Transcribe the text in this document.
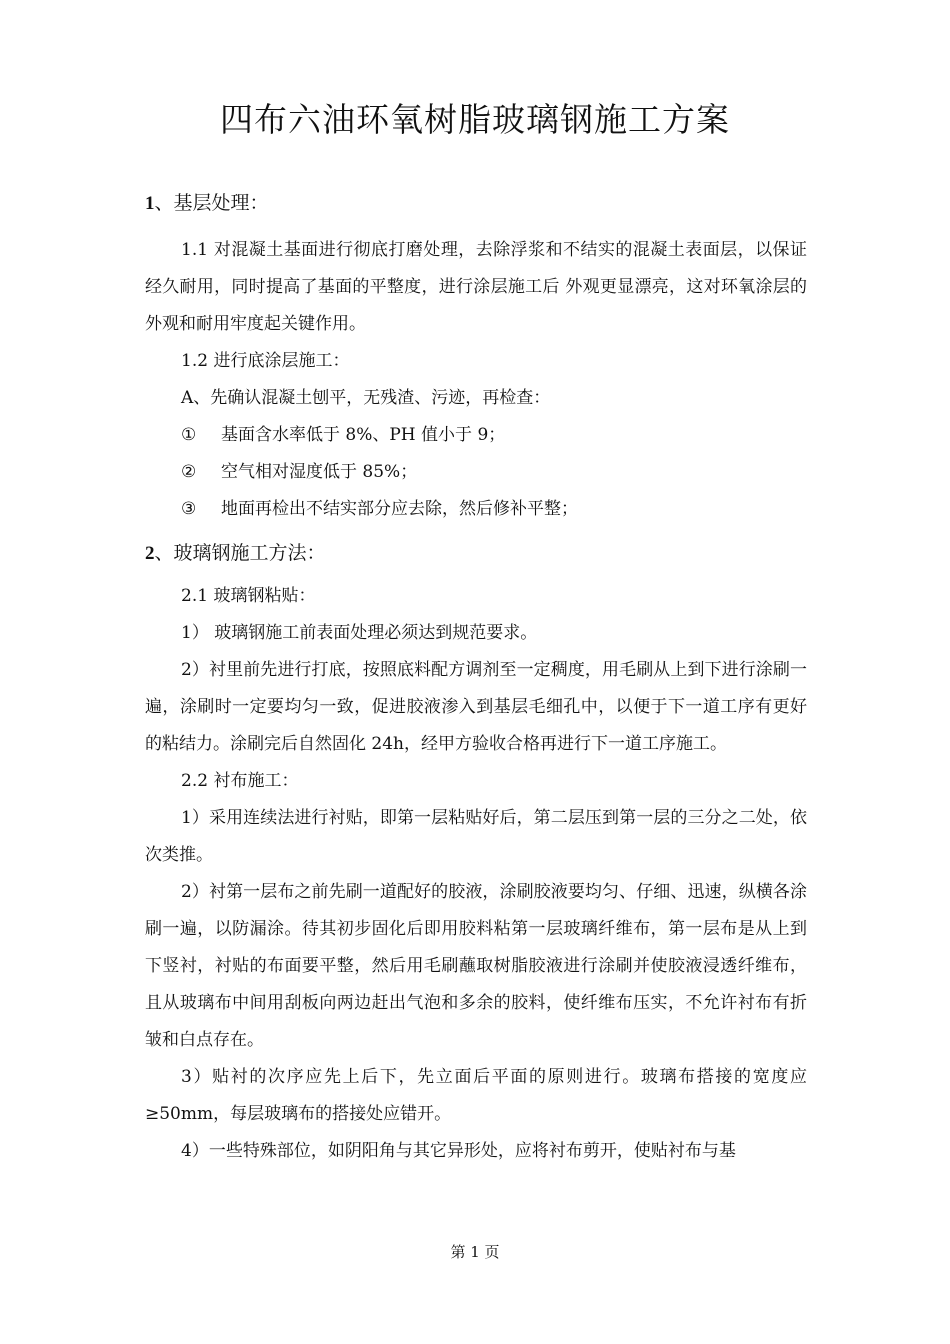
四布六油环氧树脂玻璃钢施工方案
1、基层处理：

1.1 对混凝土基面进行彻底打磨处理，去除浮浆和不结实的混凝土表面层，以保证经久耐用，同时提高了基面的平整度，进行涂层施工后 外观更显漂亮，这对环氧涂层的外观和耐用牢度起关键作用。

1.2 进行底涂层施工：

A、先确认混凝土刨平，无残渣、污迹，再检查：

① 基面含水率低于 8%、PH 值小于 9；

② 空气相对湿度低于 85%；

③ 地面再检出不结实部分应去除，然后修补平整；

2、玻璃钢施工方法：

2.1 玻璃钢粘贴：

1） 玻璃钢施工前表面处理必须达到规范要求。

2）衬里前先进行打底，按照底料配方调剂至一定稠度，用毛刷从上到下进行涂刷一遍，涂刷时一定要均匀一致，促进胶液渗入到基层毛细孔中，以便于下一道工序有更好的粘结力。涂刷完后自然固化 24h，经甲方验收合格再进行下一道工序施工。

2.2 衬布施工：

1）采用连续法进行衬贴，即第一层粘贴好后，第二层压到第一层的三分之二处，依次类推。

2）衬第一层布之前先刷一道配好的胶液，涂刷胶液要均匀、仔细、迅速，纵横各涂刷一遍，以防漏涂。待其初步固化后即用胶料粘第一层玻璃纤维布，第一层布是从上到下竖衬，衬贴的布面要平整，然后用毛刷蘸取树脂胶液进行涂刷并使胶液浸透纤维布，且从玻璃布中间用刮板向两边赶出气泡和多余的胶料，使纤维布压实，不允许衬布有折皱和白点存在。

3）贴衬的次序应先上后下，先立面后平面的原则进行。玻璃布搭接的宽度应≥50mm，每层玻璃布的搭接处应错开。

4）一些特殊部位，如阴阳角与其它异形处，应将衬布剪开，使贴衬布与基

第 1 页
